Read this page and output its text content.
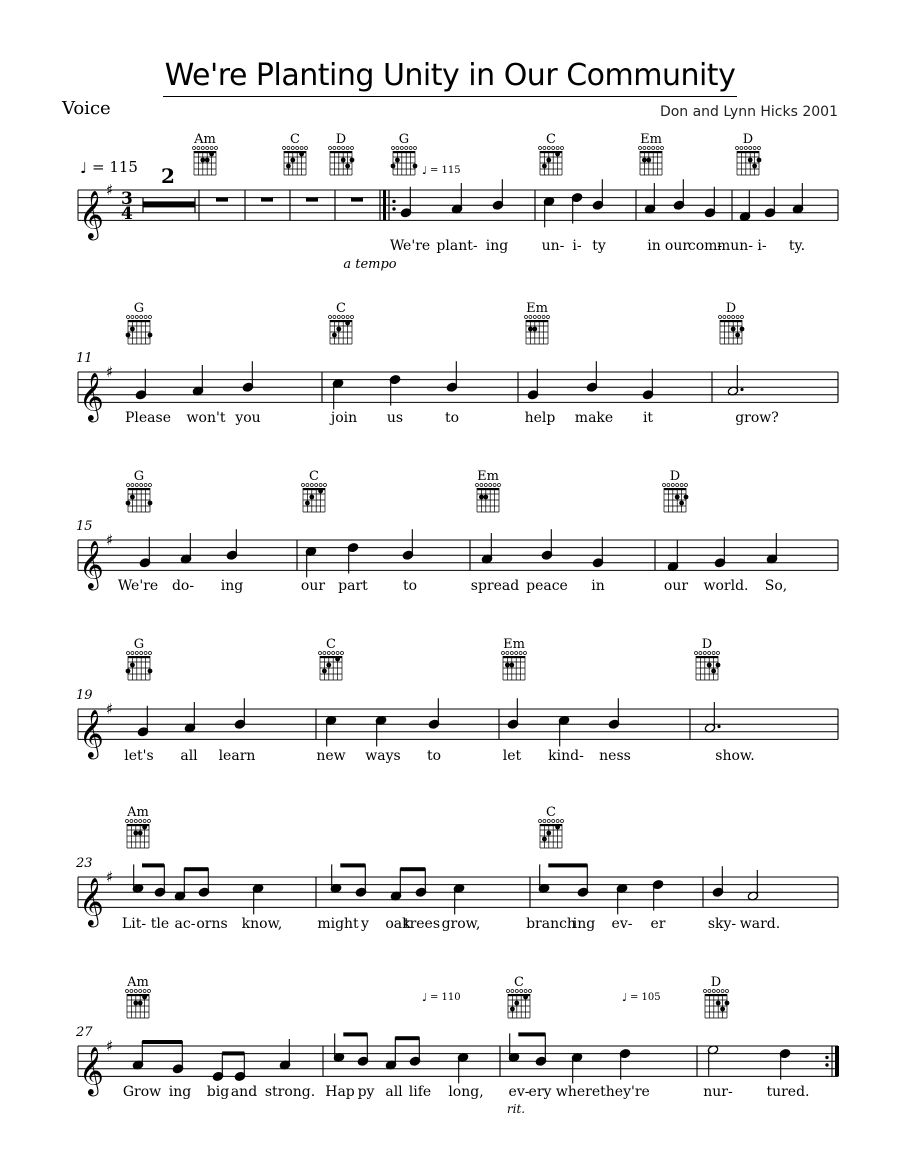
We're Planting Unity in Our Community
Voice	Don and Lynn Hicks 2001
𝄞 ♯
♩ = 115
3
4
2
Am	C	D	G	C	Em	D
♩ = 115
a tempo
We're plant- ing un- i- ty	in our
com-
mun- i- ty.
𝄞 ♯
11
G	C	Em	D
Please won't you	join us	to	help make it	grow?
𝄞 ♯
15
G	C	Em	D
We're do- ing	our part	to	spread peace in	our world. So,
𝄞 ♯
19
G	C	Em	D
let's all learn	new ways to	let kind- ness	show.
𝄞 ♯
23
Am	C
Lit- tle ac- orns know, might y oak
trees grow,	branch
ing ev- er	sky- ward.
𝄞 ♯
27
Am	C	D
♩ = 110	♩ = 105
rit.
Grow ing big and strong. Hap py all life long, ev- ery where they're	nur- tured.
